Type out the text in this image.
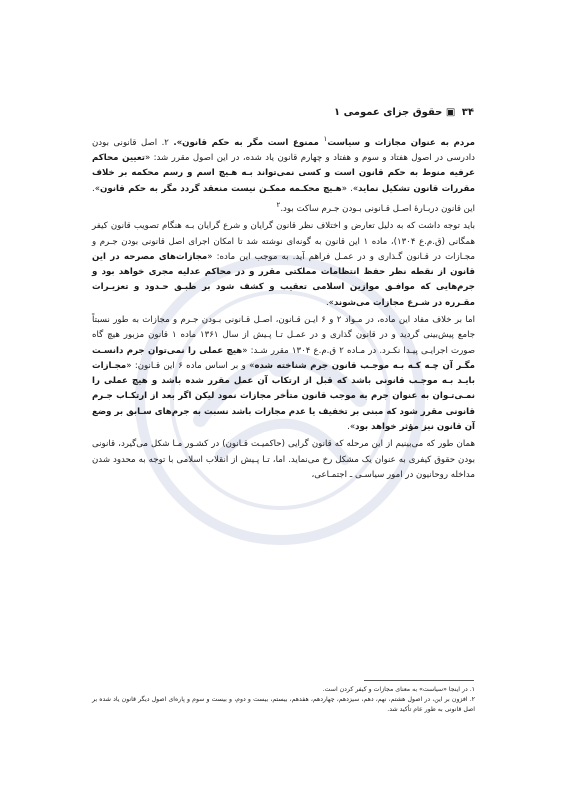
۳۴ ▣ حقوق جزای عمومی ۱

مردم به عنوان مجازات و سیاست$^۱$ ممنوع است مگر به حکم قانون». ۲. اصل قانونی بودن دادرسی در اصول هفتاد و سوم و هفتاد و چهارم قانون یاد شده، در این اصول مقرر شد: «تعیین محاکم عرفیه منوط به حکم قانون است و کسی نمی‌تواند بـه هـیچ اسم و رسم محکمه بر خلاف مقررات قانون تشکیل نماید». «هـیچ محکـمه ممکـن نیست منعقد گردد مگر به حکم قانون». این قانون دربـارهٔ اصـل قـانونی بـودن جـرم ساکت بود.$^۲$

باید توجه داشت که به دلیل تعارض و اختلاف نظر قانون گرایان و شرع گرایان بـه هنگام تصویب قانون کیفر همگانی (ق.م.ع ۱۳۰۴)، ماده ۱ این قانون به گونه‌ای نوشته شد تا امکان اجرای اصل قانونی بودن جـرم و مجـازات در قـانون گـذاری و در عمـل فراهم آید. به موجب این ماده: «مجازات‌های مصرحه در این قانون از نقطه نظر حفظ انتظامات مملکتی مقرر و در محاکم عدلیه مجری خواهد بود و جرم‌هایی که موافـق موازین اسلامی تعقیب و کشف شود بر طبـق حـدود و تعزیـرات مقـرره در شـرع مجازات می‌شوند».

اما بر خلاف مفاد این ماده، در مـواد ۲ و ۶ ایـن قـانون، اصـل قـانونی بـودن جـرم و مجازات به طور نسبتاً جامع پیش‌بینی گردید و در قانون گذاری و در عمـل تـا پـیش از سال ۱۳۶۱ ماده ۱ قانون مزبور هیچ گاه صورت اجرایـی پیـدا نکـرد. در مـاده ۲ ق.م.ع ۱۳۰۴ مقرر شـد: «هیچ عملی را نمی‌توان جرم دانسـت مگـر آن چـه کـه بـه موجـب قانون جرم شناخته شده» و بر اساس ماده ۶ این قـانون: «مجـازات بایـد بـه موجـب قانونی باشد که قبل از ارتکاب آن عمل مقرر شده باشد و هیچ عملی را نمـی‌تـوان به عنوان جرم به موجب قانون متأخر مجازات نمود لیکن اگر بعد از ارتکـاب جـرم قانونی مقرر شود که مبنی بر تخفیف یا عدم مجازات باشد نسبت به جرم‌های سـابق بر وضع آن قانون نیز مؤثر خواهد بود».

همان طور که می‌بینیم از این مرحله که قانون گرایی (حاکمیـت قـانون) در کشـور مـا شکل می‌گیرد، قانونی بودن حقوق کیفری به عنوان یک مشکل رخ می‌نماید. اما، تـا پـیش از انقلاب اسلامی با توجه به محدود شدن مداخله روحانیون در امور سیاسـی ـ اجتمـاعی،

۱. در اینجا «سیاست» به معنای مجازات و کیفر کردن است.
۲. افزون بر این، در اصول هشتم، نهم، دهم، سیزدهم، چهاردهم، هفدهم، بیستم، بیست و دوم، و بیست و سوم و پاره‌ای اصول دیگر قانون یاد شده بر اصل قانونی به طور عام تأکید شد.
